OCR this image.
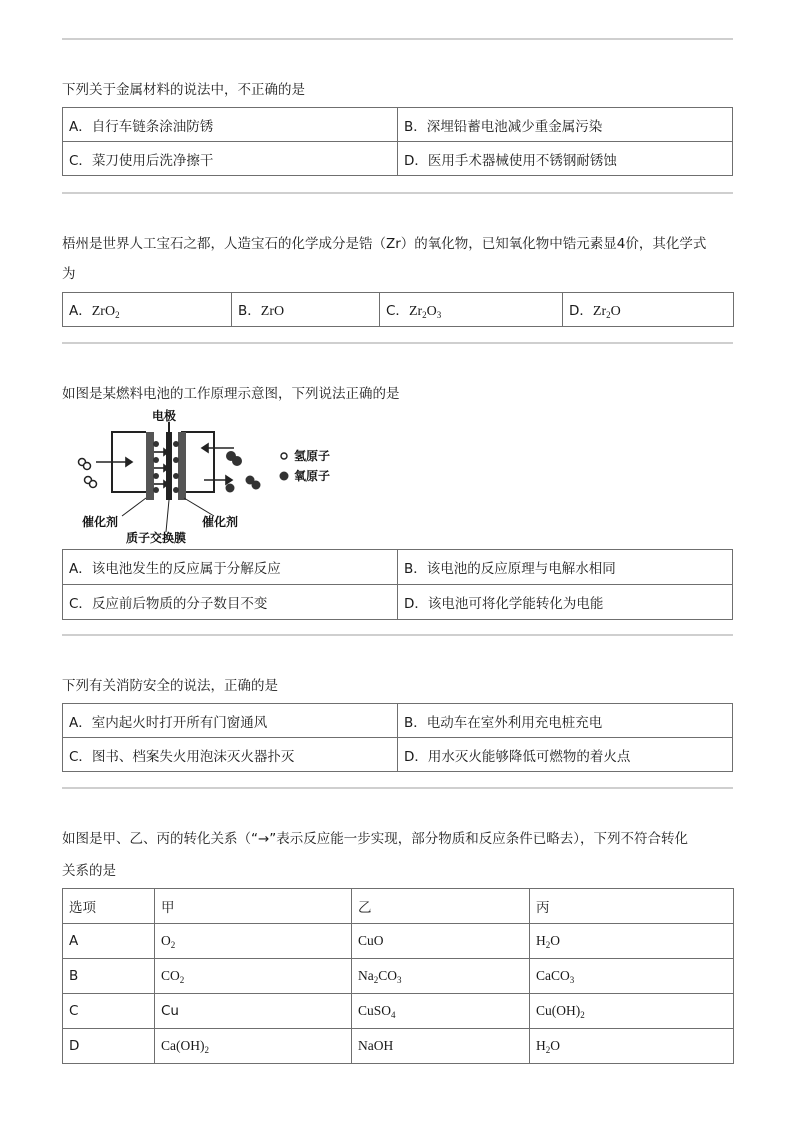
下列关于金属材料的说法中，不正确的是
A．自行车链条涂油防锈	B．深埋铅蓄电池减少重金属污染
C．菜刀使用后洗净擦干	D．医用手术器械使用不锈钢耐锈蚀
梧州是世界人工宝石之都，人造宝石的化学成分是锆（Zr）的氧化物，已知氧化物中锆元素显4价，其化学式
为
A．ZrO$_2$	B．ZrO	C．$Zr_2O_3$	D．$Zr_2O$
如图是某燃料电池的工作原理示意图，下列说法正确的是
电极
催化剂	催化剂
质子交换膜
氢原子
氧原子
A．该电池发生的反应属于分解反应	B．该电池的反应原理与电解水相同
C．反应前后物质的分子数目不变	D．该电池可将化学能转化为电能
下列有关消防安全的说法，正确的是
A．室内起火时打开所有门窗通风	B．电动车在室外利用充电桩充电
C．图书、档案失火用泡沫灭火器扑灭	D．用水灭火能够降低可燃物的着火点
如图是甲、乙、丙的转化关系（“→”表示反应能一步实现，部分物质和反应条件已略去），下列不符合转化
关系的是
选项	甲	乙	丙
A	$O_2$	CuO	$H_2O$
B	$CO_2$	$Na_2CO_3$	CaCO$_3$
C	Cu	CuSO$_4$	$Cu(OH)_2$
D	$Ca(OH)_2$	NaOH	$H_2O$
